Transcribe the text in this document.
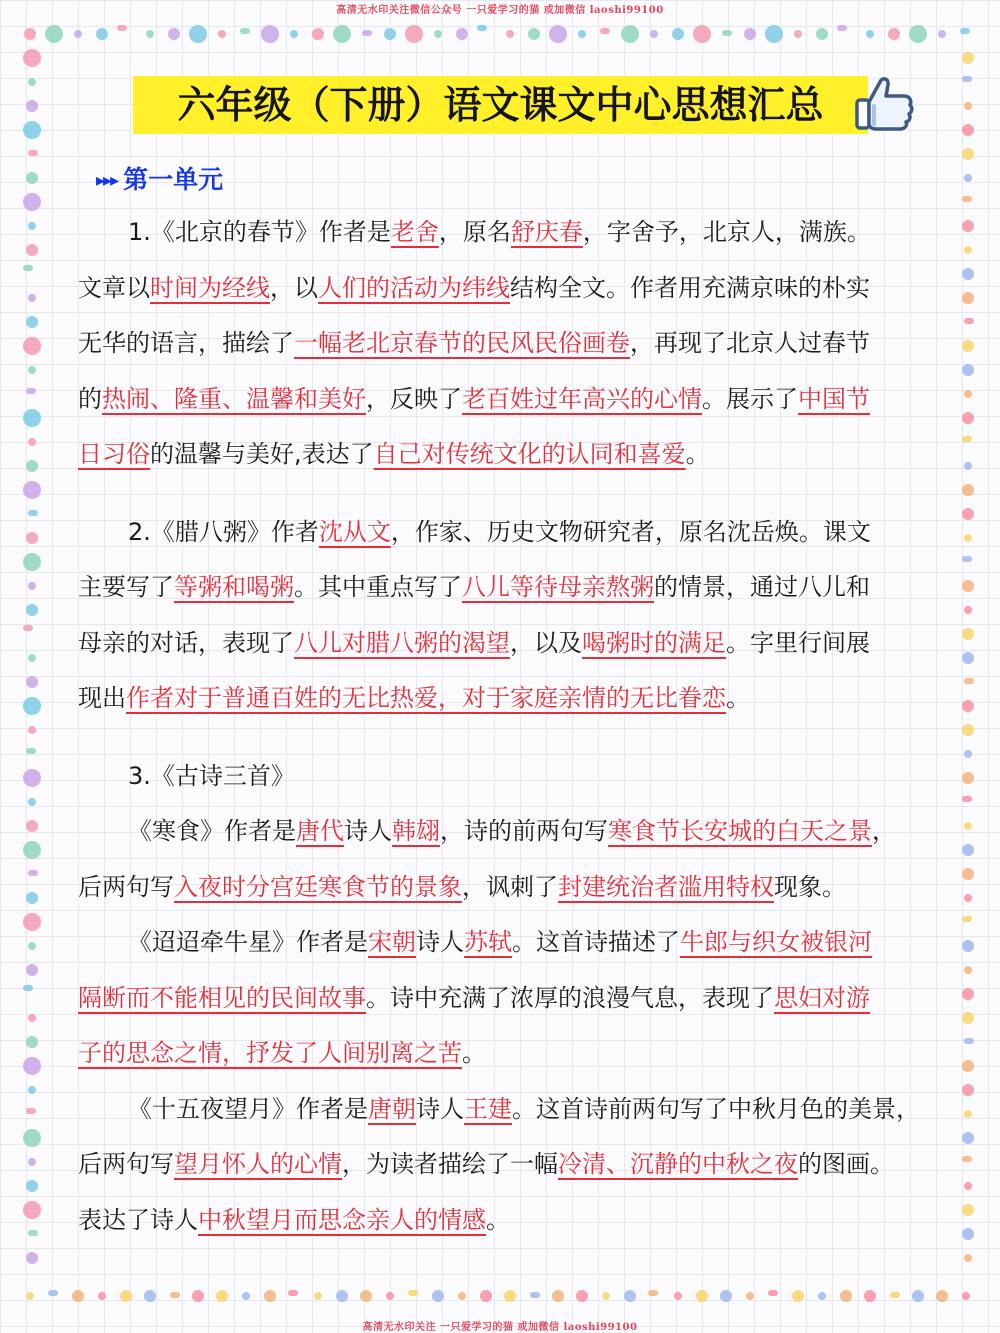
高清无水印关注微信公众号 一只爱学习的猫 或加微信 laoshi99100
高清无水印关注 一只爱学习的猫 或加微信 laoshi99100
六年级（下册）语文课文中心思想汇总
▸▸▸ 第一单元
1.《北京的春节》作者是老舍，原名舒庆春，字舍予，北京人，满族。
文章以时间为经线，以人们的活动为纬线结构全文。作者用充满京味的朴实
无华的语言，描绘了一幅老北京春节的民风民俗画卷，再现了北京人过春节
的热闹、隆重、温馨和美好，反映了老百姓过年高兴的心情。展示了中国节
日习俗的温馨与美好,表达了自己对传统文化的认同和喜爱。
2.《腊八粥》作者沈从文，作家、历史文物研究者，原名沈岳焕。课文
主要写了等粥和喝粥。其中重点写了八儿等待母亲熬粥的情景，通过八儿和
母亲的对话，表现了八儿对腊八粥的渴望，以及喝粥时的满足。字里行间展
现出作者对于普通百姓的无比热爱，对于家庭亲情的无比眷恋。
3.《古诗三首》
《寒食》作者是唐代诗人韩翃，诗的前两句写寒食节长安城的白天之景，
后两句写入夜时分宫廷寒食节的景象，讽刺了封建统治者滥用特权现象。
《迢迢牵牛星》作者是宋朝诗人苏轼。这首诗描述了牛郎与织女被银河
隔断而不能相见的民间故事。诗中充满了浓厚的浪漫气息，表现了思妇对游
子的思念之情，抒发了人间别离之苦。
《十五夜望月》作者是唐朝诗人王建。这首诗前两句写了中秋月色的美景，
后两句写望月怀人的心情，为读者描绘了一幅冷清、沉静的中秋之夜的图画。
表达了诗人中秋望月而思念亲人的情感。
